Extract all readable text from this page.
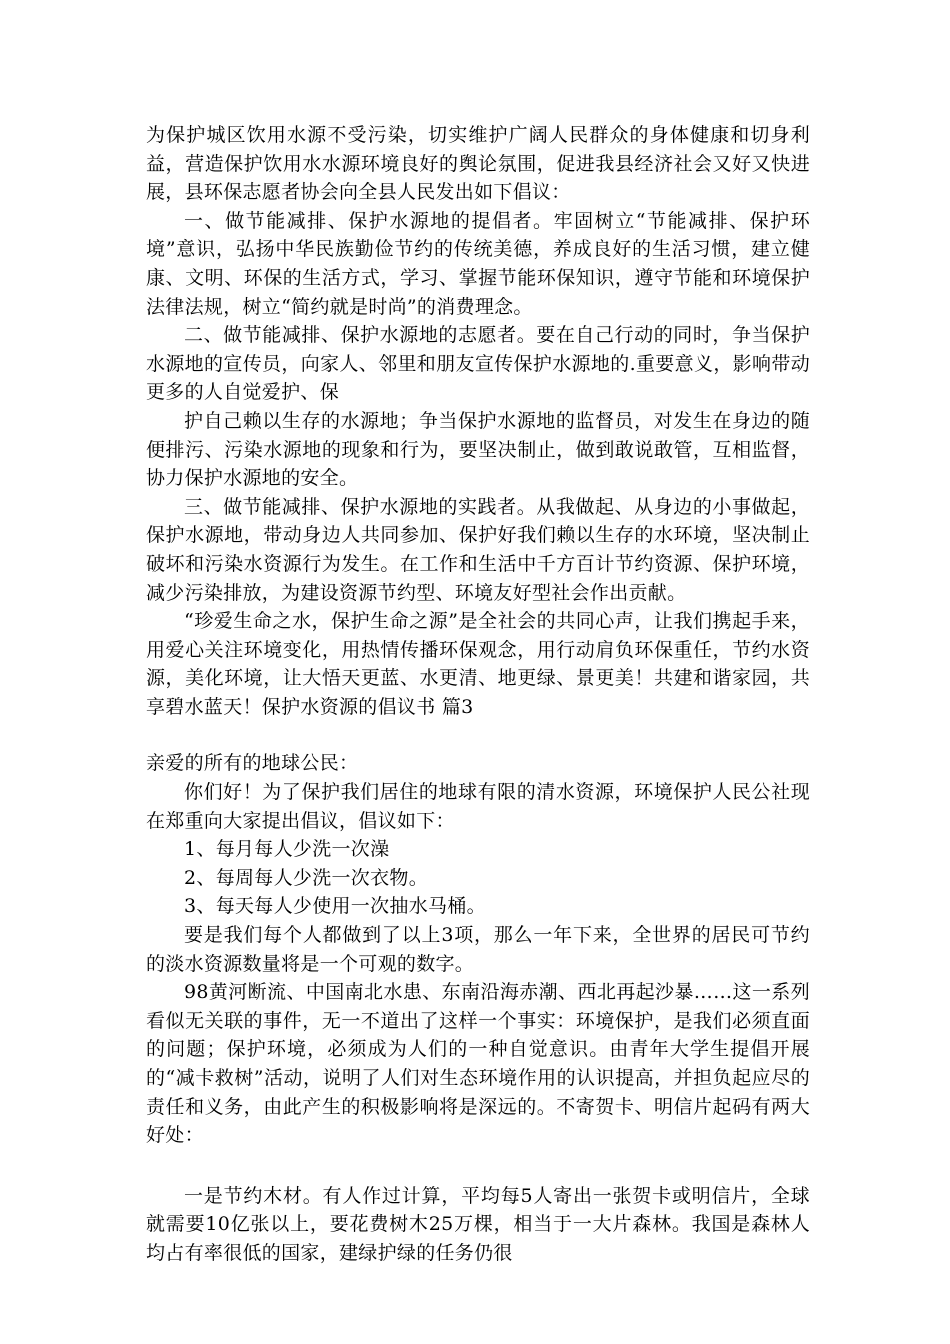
为保护城区饮用水源不受污染，切实维护广阔人民群众的身体健康和切身利益，营造保护饮用水水源环境良好的舆论氛围，促进我县经济社会又好又快进展，县环保志愿者协会向全县人民发出如下倡议：

一、做节能减排、保护水源地的提倡者。牢固树立“节能减排、保护环境”意识，弘扬中华民族勤俭节约的传统美德，养成良好的生活习惯，建立健康、文明、环保的生活方式，学习、掌握节能环保知识，遵守节能和环境保护法律法规，树立“简约就是时尚”的消费理念。

二、做节能减排、保护水源地的志愿者。要在自己行动的同时，争当保护水源地的宣传员，向家人、邻里和朋友宣传保护水源地的.重要意义，影响带动更多的人自觉爱护、保

护自己赖以生存的水源地；争当保护水源地的监督员，对发生在身边的随便排污、污染水源地的现象和行为，要坚决制止，做到敢说敢管，互相监督，协力保护水源地的安全。

三、做节能减排、保护水源地的实践者。从我做起、从身边的小事做起，保护水源地，带动身边人共同参加、保护好我们赖以生存的水环境，坚决制止破坏和污染水资源行为发生。在工作和生活中千方百计节约资源、保护环境，减少污染排放，为建设资源节约型、环境友好型社会作出贡献。

“珍爱生命之水，保护生命之源”是全社会的共同心声，让我们携起手来，用爱心关注环境变化，用热情传播环保观念，用行动肩负环保重任，节约水资源，美化环境，让大悟天更蓝、水更清、地更绿、景更美！共建和谐家园，共享碧水蓝天！保护水资源的倡议书 篇3

亲爱的所有的地球公民：

你们好！为了保护我们居住的地球有限的清水资源，环境保护人民公社现在郑重向大家提出倡议，倡议如下：

1、每月每人少洗一次澡

2、每周每人少洗一次衣物。

3、每天每人少使用一次抽水马桶。

要是我们每个人都做到了以上3项，那么一年下来，全世界的居民可节约的淡水资源数量将是一个可观的数字。

98黄河断流、中国南北水患、东南沿海赤潮、西北再起沙暴……这一系列看似无关联的事件，无一不道出了这样一个事实：环境保护，是我们必须直面的问题；保护环境，必须成为人们的一种自觉意识。由青年大学生提倡开展的“减卡救树”活动，说明了人们对生态环境作用的认识提高，并担负起应尽的责任和义务，由此产生的积极影响将是深远的。不寄贺卡、明信片起码有两大好处：

一是节约木材。有人作过计算，平均每5人寄出一张贺卡或明信片，全球就需要10亿张以上，要花费树木25万棵，相当于一大片森林。我国是森林人均占有率很低的国家，建绿护绿的任务仍很
